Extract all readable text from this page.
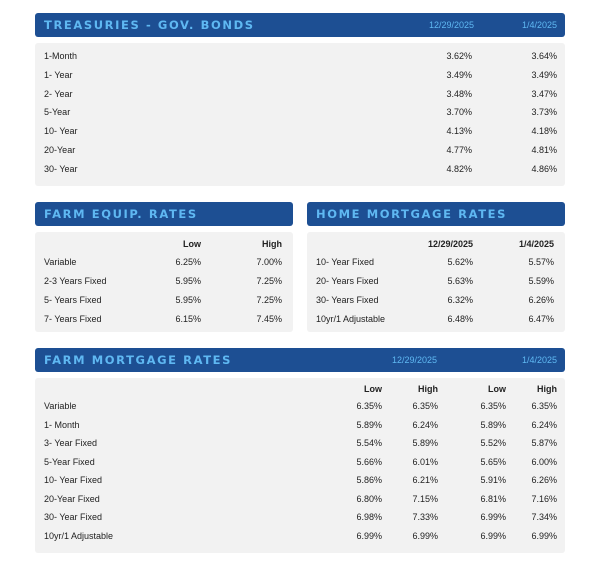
TREASURIES - GOV. BONDS	12/29/2025	1/4/2025
1-Month	3.62%	3.64%
1- Year	3.49%	3.49%
2- Year	3.48%	3.47%
5-Year	3.70%	3.73%
10- Year	4.13%	4.18%
20-Year	4.77%	4.81%
30- Year	4.82%	4.86%
FARM EQUIP. RATES
Low	High
Variable	6.25%	7.00%
2-3 Years Fixed	5.95%	7.25%
5- Years Fixed	5.95%	7.25%
7- Years Fixed	6.15%	7.45%
HOME MORTGAGE RATES
12/29/2025	1/4/2025
10- Year Fixed	5.62%	5.57%
20- Years Fixed	5.63%	5.59%
30- Years Fixed	6.32%	6.26%
10yr/1 Adjustable	6.48%	6.47%
FARM MORTGAGE RATES	12/29/2025	1/4/2025
Low	High	Low	High
Variable	6.35%	6.35%	6.35%	6.35%
1- Month	5.89%	6.24%	5.89%	6.24%
3- Year Fixed	5.54%	5.89%	5.52%	5.87%
5-Year Fixed	5.66%	6.01%	5.65%	6.00%
10- Year Fixed	5.86%	6.21%	5.91%	6.26%
20-Year Fixed	6.80%	7.15%	6.81%	7.16%
30- Year Fixed	6.98%	7.33%	6.99%	7.34%
10yr/1 Adjustable	6.99%	6.99%	6.99%	6.99%
